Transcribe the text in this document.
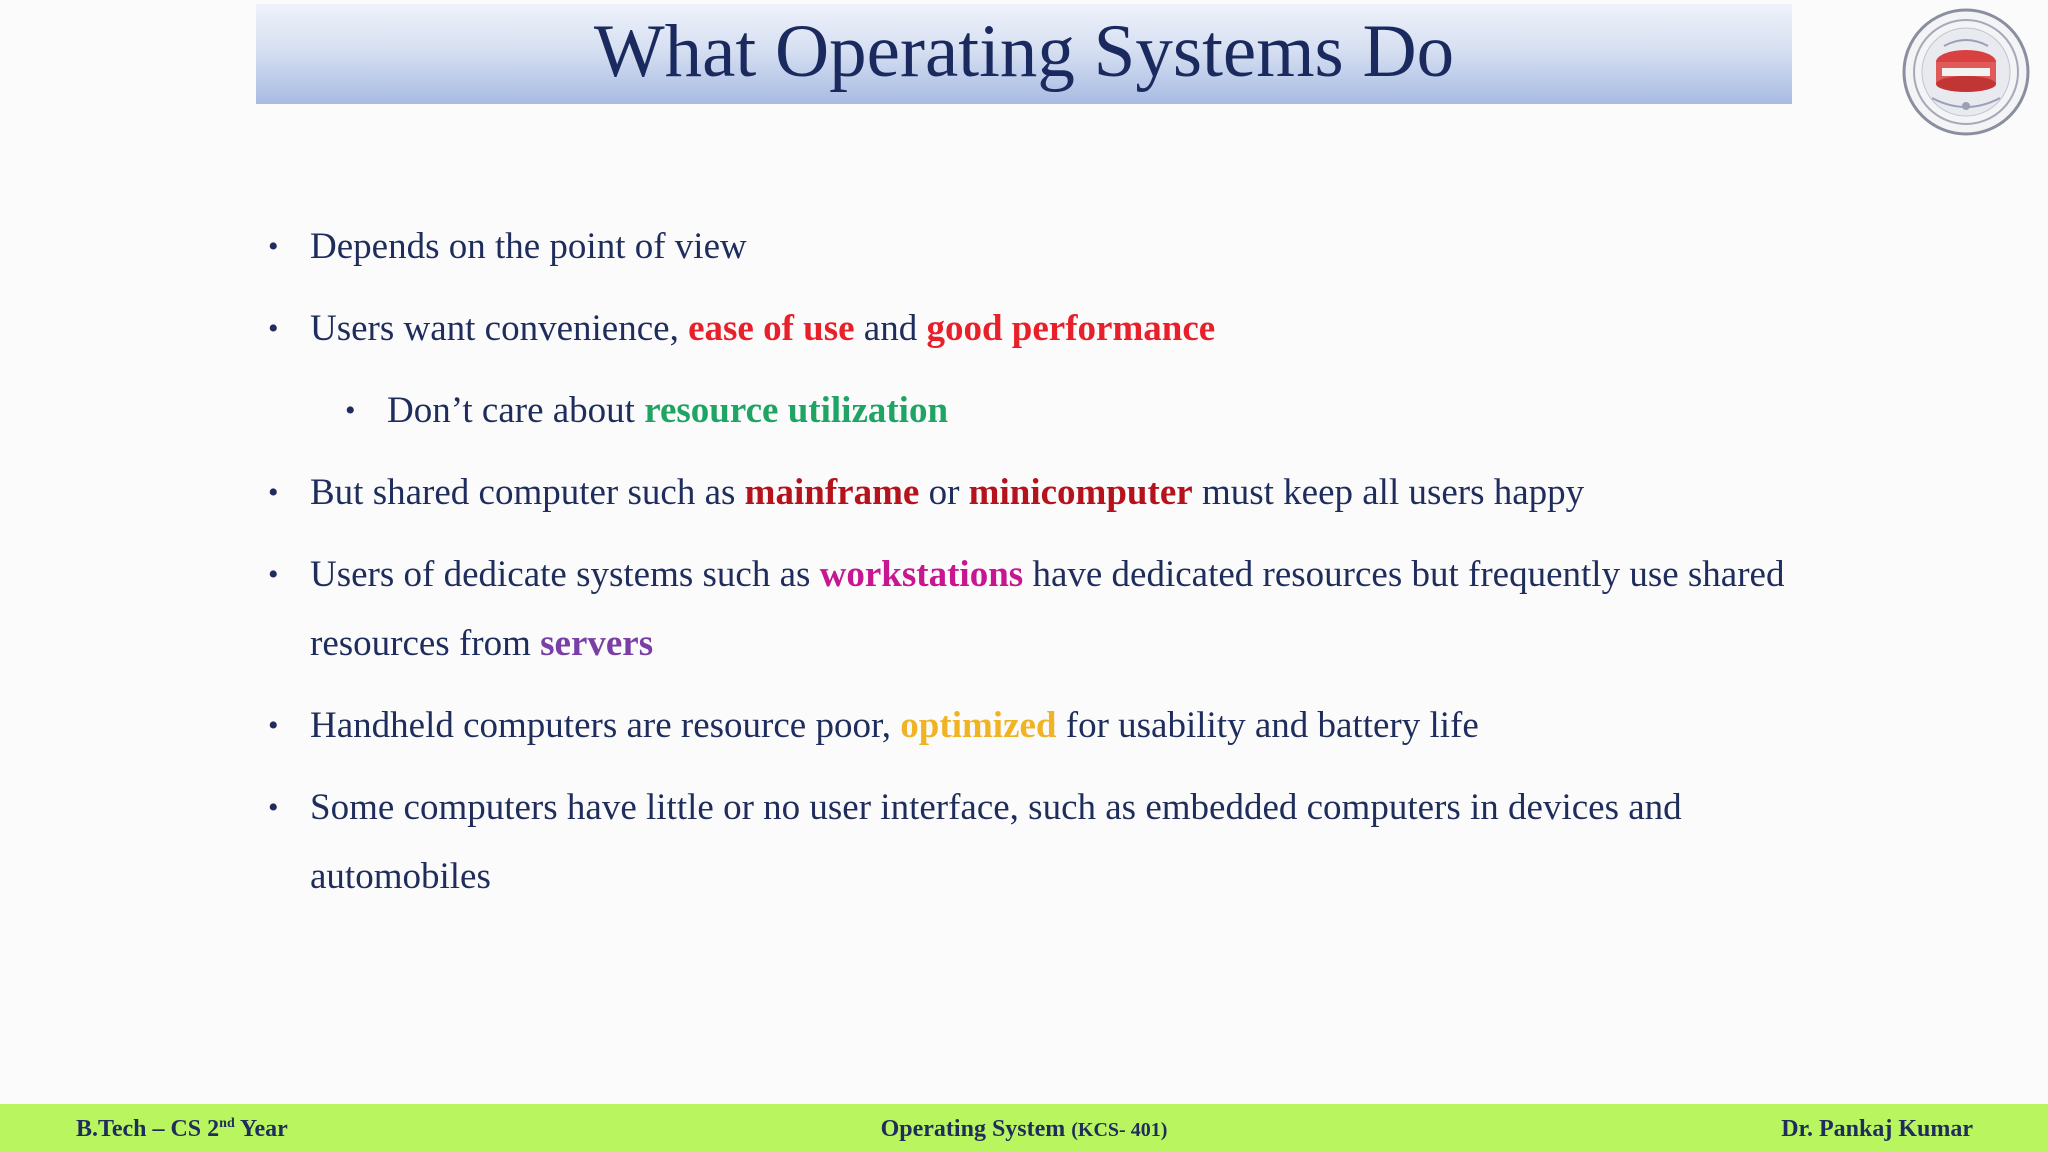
What Operating Systems Do
• Depends on the point of view
• Users want convenience, ease of use and good performance
• Don’t care about resource utilization
• But shared computer such as mainframe or minicomputer must keep all users happy
• Users of dedicate systems such as workstations have dedicated resources but frequently use shared resources from servers
• Handheld computers are resource poor, optimized for usability and battery life
• Some computers have little or no user interface, such as embedded computers in devices and automobiles
B.Tech – CS 2nd Year	Operating System (KCS- 401)	Dr. Pankaj Kumar
